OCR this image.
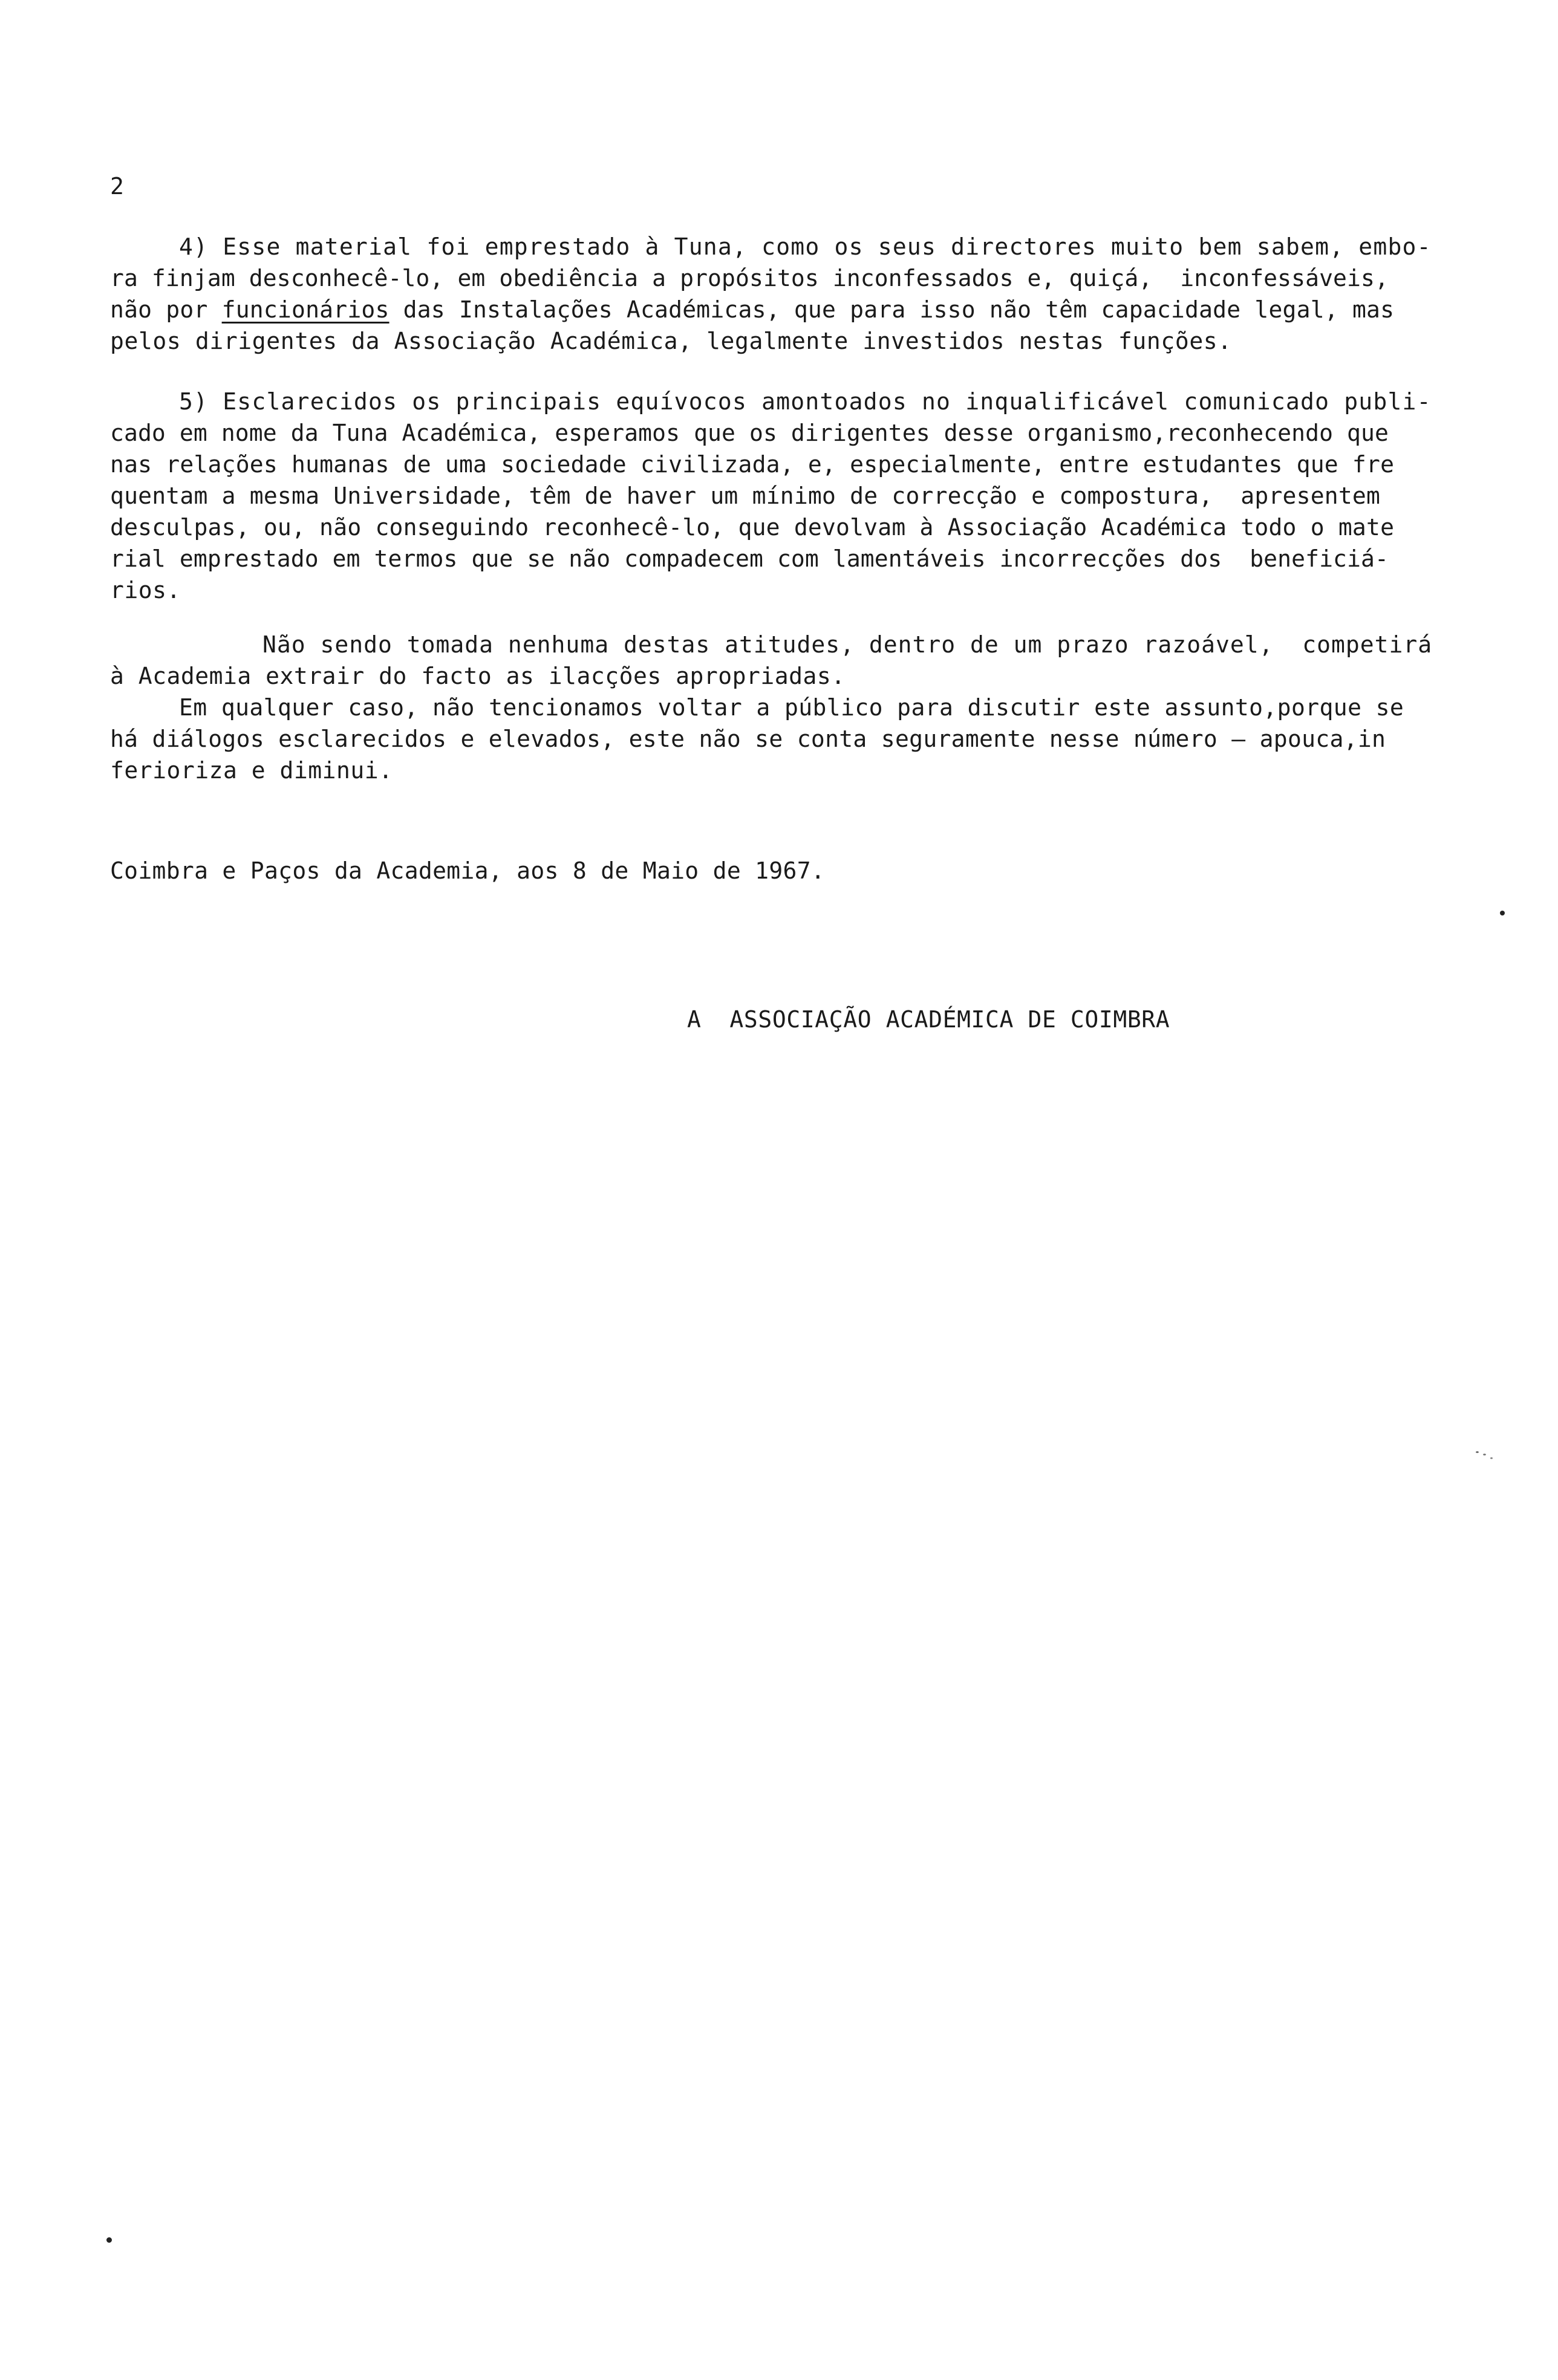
2
4) Esse material foi emprestado à Tuna, como os seus directores muito bem sabem, embo-
ra finjam desconhecê-lo, em obediência a propósitos inconfessados e, quiçá,  inconfessáveis,
não por funcionários das Instalações Académicas, que para isso não têm capacidade legal, mas
pelos dirigentes da Associação Académica, legalmente investidos nestas funções.
5) Esclarecidos os principais equívocos amontoados no inqualificável comunicado publi-
cado em nome da Tuna Académica, esperamos que os dirigentes desse organismo,reconhecendo que
nas relações humanas de uma sociedade civilizada, e, especialmente, entre estudantes que fre
quentam a mesma Universidade, têm de haver um mínimo de correcção e compostura,  apresentem
desculpas, ou, não conseguindo reconhecê-lo, que devolvam à Associação Académica todo o mate
rial emprestado em termos que se não compadecem com lamentáveis incorrecções dos  beneficiá-
rios.
Não sendo tomada nenhuma destas atitudes, dentro de um prazo razoável,  competirá
à Academia extrair do facto as ilacções apropriadas.
Em qualquer caso, não tencionamos voltar a público para discutir este assunto,porque se
há diálogos esclarecidos e elevados, este não se conta seguramente nesse número — apouca,in
ferioriza e diminui.
Coimbra e Paços da Academia, aos 8 de Maio de 1967.
A  ASSOCIAÇÃO ACADÉMICA DE COIMBRA
